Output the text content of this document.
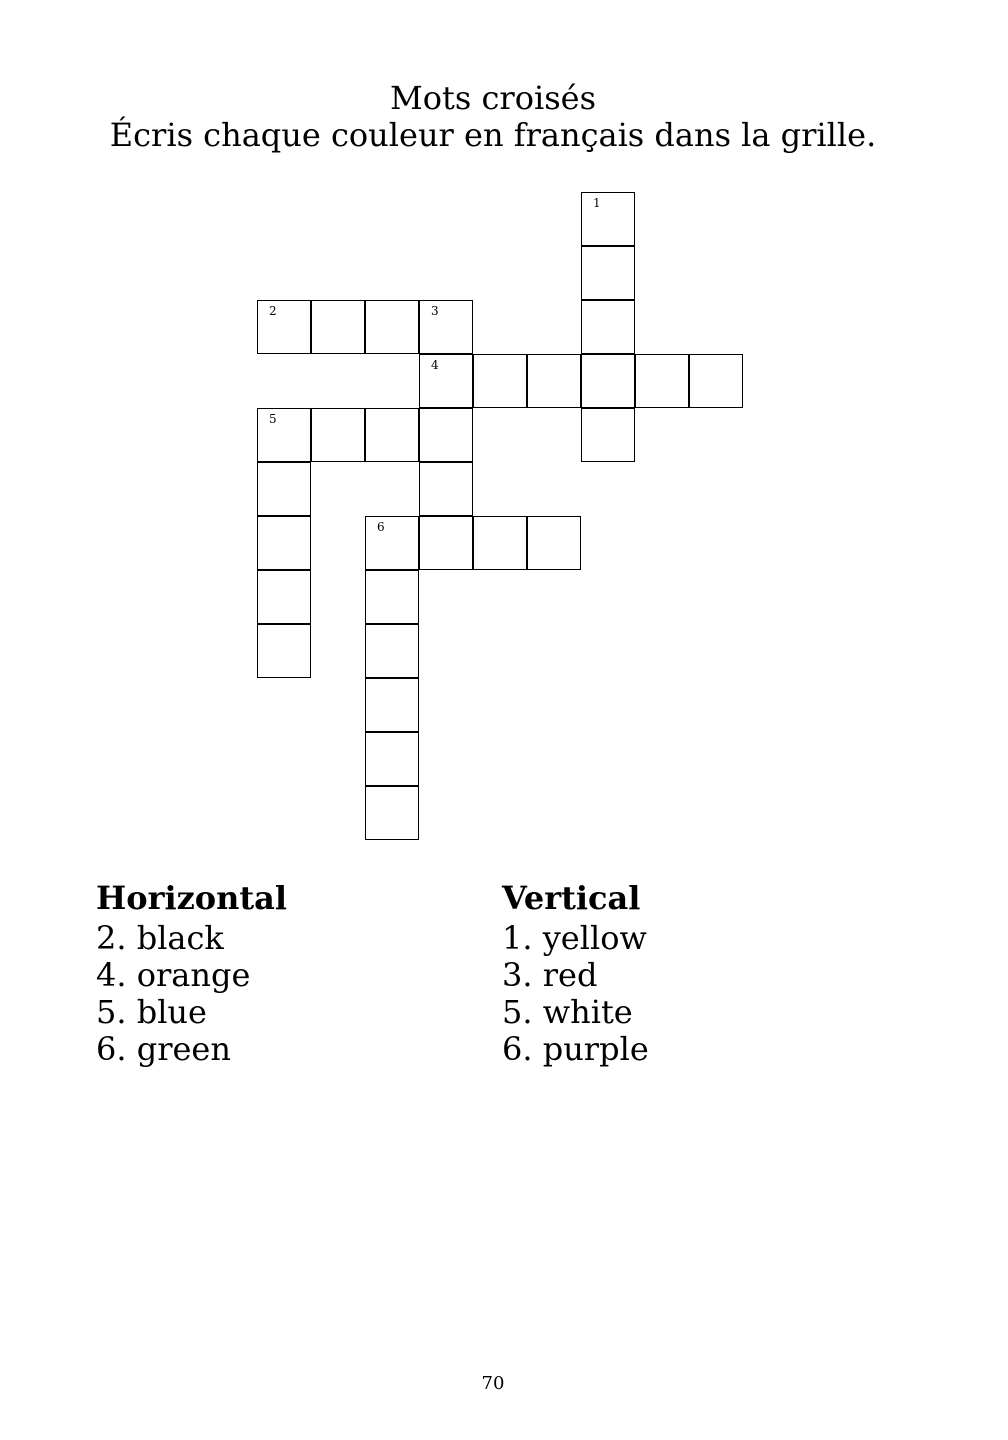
Mots croisés
Écris chaque couleur en français dans la grille.
1
2	3
4
5
6
Horizontal
2. black
4. orange
5. blue
6. green
Vertical
1. yellow
3. red
5. white
6. purple
70
